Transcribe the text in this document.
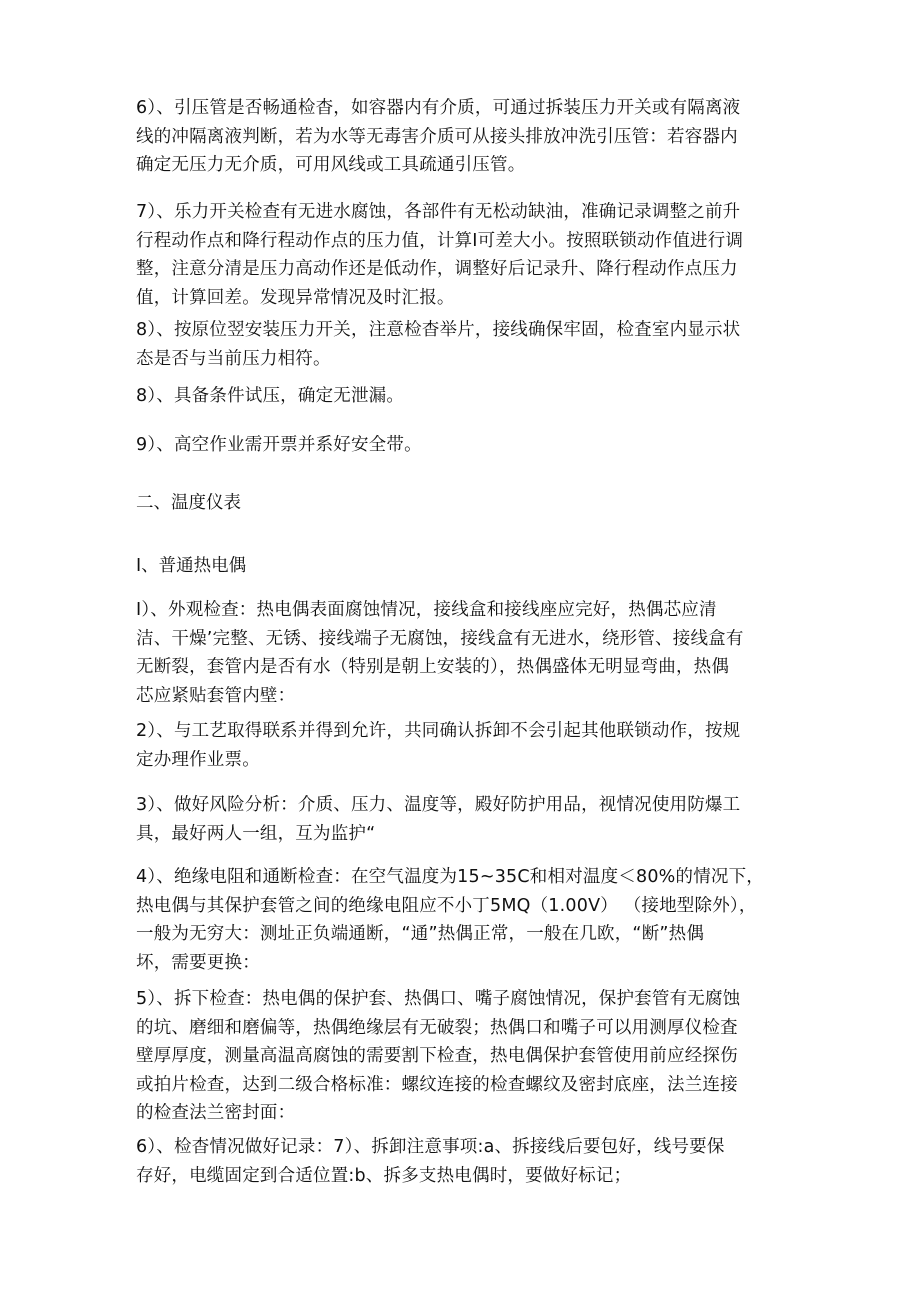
6）、引压管是否畅通检杳，如容器内有介质，可通过拆装压力开关或有隔离液
线的冲隔离液判断，若为水等无毒害介质可从接头排放冲洗引压管：若容器内
确定无压力无介质，可用风线或工具疏通引压管。

7）、乐力开关检查有无进水腐蚀，各部件有无松动缺油，准确记录调整之前升
行程动作点和降行程动作点的压力值，计算I可差大小。按照联锁动作值进行调
整，注意分清是压力高动作还是低动作，调整好后记录升、降行程动作点压力
值，计算回差。发现异常情况及时汇报。

8）、按原位翌安装压力开关，注意检杳举片，接线确保牢固，检査室内显示状
态是否与当前压力相符。

8）、具备条件试压，确定无泄漏。

9）、高空作业需开票并系好安全带。

二、温度仪表

I、普通热电偶

I）、外观检查：热电偶表面腐蚀情况，接线盒和接线座应完好，热偶芯应清
洁、干燥’完整、无锈、接线端子无腐蚀，接线盒有无进水，绕形管、接线盒有
无断裂，套管内是否有水（特别是朝上安装的），热偶盛体无明显弯曲，热偶
芯应紧贴套管内壁：

2）、与工艺取得联系并得到允许，共同确认拆卸不会引起其他联锁动作，按规
定办理作业票。

3）、做好风险分析：介质、压力、温度等，殿好防护用品，视情况使用防爆工
具，最好两人一组，互为监护“

4）、绝缘电阻和通断检查：在空气温度为15~35C和相对温度＜80%的情况下，
热电偶与其保护套管之间的绝缘电阻应不小丁5MQ（1.00V） （接地型除外），
一般为无穷大：测址正负端通断，“通”热偶正常，一般在几欧，“断”热偶
坏，需要更换：

5）、拆下检查：热电偶的保护套、热偶口、嘴子腐蚀情况，保护套管有无腐蚀
的坑、磨细和磨偏等，热偶绝缘层有无破裂；热偶口和嘴子可以用测厚仪检査
壁厚厚度，测量高温高腐蚀的需要割下检查，热电偶保护套管使用前应经探伤
或拍片检查，达到二级合格标准：螺纹连接的检查螺纹及密封底座，法兰连接
的检查法兰密封面：

6）、检杳情况做好记录：7）、拆卸注意事项:a、拆接线后要包好，线号要保
存好，电缆固定到合适位置:b、拆多支热电偶时，要做好标记；
